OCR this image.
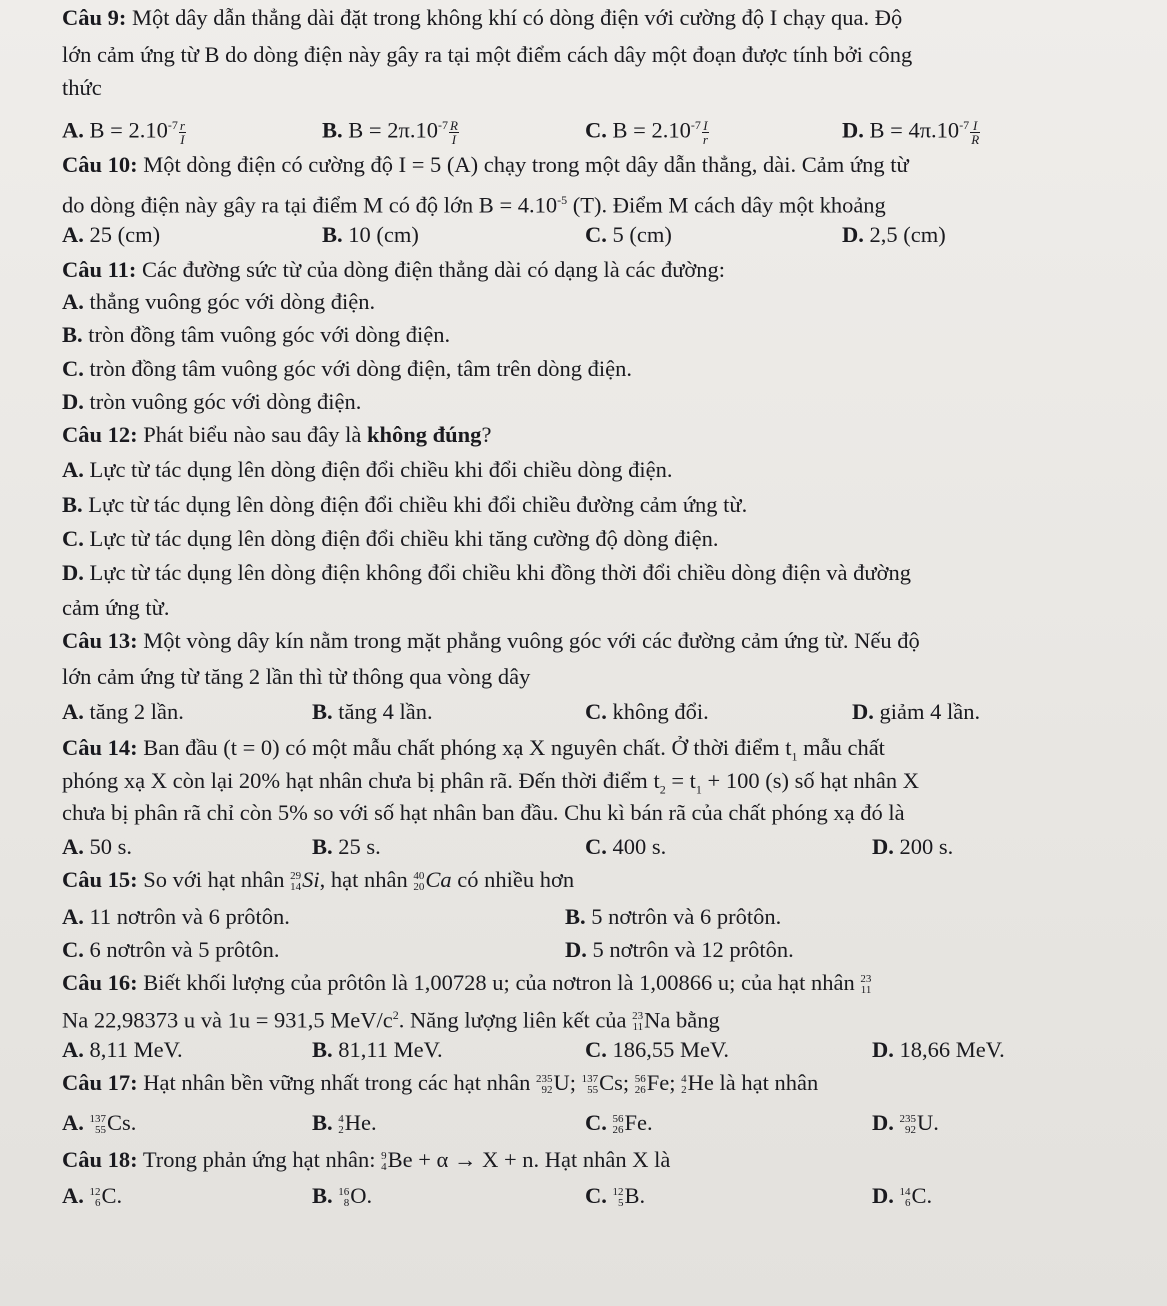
Câu 9: Một dây dẫn thẳng dài đặt trong không khí có dòng điện với cường độ I chạy qua. Độ
lớn cảm ứng từ B do dòng điện này gây ra tại một điểm cách dây một đoạn được tính bởi công
thức
A. $B = 2.10^{-7} \frac{r}{I}$	B. $B = 2\pi.10^{-7} \frac{R}{I}$	C. $B = 2.10^{-7} \frac{I}{r}$	D. $B = 4\pi.10^{-7} \frac{I}{R}$
Câu 10: Một dòng điện có cường độ I = 5 (A) chạy trong một dây dẫn thẳng, dài. Cảm ứng từ
do dòng điện này gây ra tại điểm M có độ lớn $B = 4.10^{-5}$ (T). Điểm M cách dây một khoảng
A. 25 (cm)	B. 10 (cm)	C. 5 (cm)	D. 2,5 (cm)
Câu 11: Các đường sức từ của dòng điện thẳng dài có dạng là các đường:
A. thẳng vuông góc với dòng điện.
B. tròn đồng tâm vuông góc với dòng điện.
C. tròn đồng tâm vuông góc với dòng điện, tâm trên dòng điện.
D. tròn vuông góc với dòng điện.
Câu 12: Phát biểu nào sau đây là không đúng?
A. Lực từ tác dụng lên dòng điện đổi chiều khi đổi chiều dòng điện.
B. Lực từ tác dụng lên dòng điện đổi chiều khi đổi chiều đường cảm ứng từ.
C. Lực từ tác dụng lên dòng điện đổi chiều khi tăng cường độ dòng điện.
D. Lực từ tác dụng lên dòng điện không đổi chiều khi đồng thời đổi chiều dòng điện và đường
cảm ứng từ.
Câu 13: Một vòng dây kín nằm trong mặt phẳng vuông góc với các đường cảm ứng từ. Nếu độ
lớn cảm ứng từ tăng 2 lần thì từ thông qua vòng dây
A. tăng 2 lần.	B. tăng 4 lần.	C. không đổi.	D. giảm 4 lần.
Câu 14: Ban đầu (t = 0) có một mẫu chất phóng xạ X nguyên chất. Ở thời điểm $t_1$ mẫu chất
phóng xạ X còn lại 20% hạt nhân chưa bị phân rã. Đến thời điểm $t_2 = t_1 + 100$ (s) số hạt nhân X
chưa bị phân rã chỉ còn 5% so với số hạt nhân ban đầu. Chu kì bán rã của chất phóng xạ đó là
A. 50 s.	B. 25 s.	C. 400 s.	D. 200 s.
Câu 15: So với hạt nhân 29
14 Si, hạt nhân 40
20 Ca có nhiều hơn
A. 11 nơtrôn và 6 prôtôn.	B. 5 nơtrôn và 6 prôtôn.
C. 6 nơtrôn và 5 prôtôn.	D. 5 nơtrôn và 12 prôtôn.
Câu 16: Biết khối lượng của prôtôn là 1,00728 u; của nơtron là 1,00866 u; của hạt nhân 23
11
Na 22,98373 u và 1u = 931,5 MeV/$c^2$. Năng lượng liên kết của 23
11 Na bằng
A. 8,11 MeV.	B. 81,11 MeV.	C. 186,55 MeV.	D. 18,66 MeV.
Câu 17: Hạt nhân bền vững nhất trong các hạt nhân 235
92 U; 137
55 Cs; 56
26 Fe; 4
2 He là hạt nhân
A. 137
55 Cs.	B. 4
2 He.	C. 56
26 Fe.	D. 235
92 U.
Câu 18: Trong phản ứng hạt nhân: 9
4 Be + α → X + n. Hạt nhân X là
A. 12
6 C.	B. 16
8 O.	C. 12
5 B.	D. 14
6 C.
